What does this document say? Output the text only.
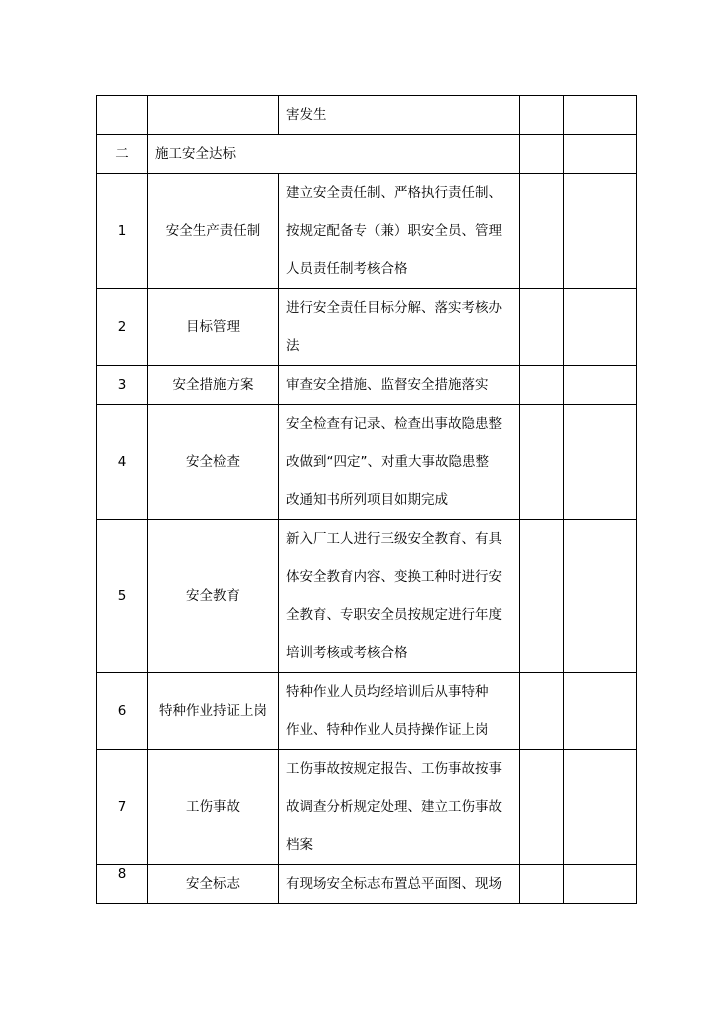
		害发生		

二	施工安全达标			
1	安全生产责任制	建立安全责任制、严格执行责任制、
按规定配备专（兼）职安全员、管理
人员责任制考核合格		

2	目标管理	进行安全责任目标分解、落实考核办
法		

3	安全措施方案	审查安全措施、监督安全措施落实		

4	安全检查	安全检查有记录、检查出事故隐患整
改做到“四定”、对重大事故隐患整
改通知书所列项目如期完成		

5	安全教育	新入厂工人进行三级安全教育、有具
体安全教育内容、变换工种时进行安
全教育、专职安全员按规定进行年度
培训考核或考核合格		

6	特种作业持证上岗	特种作业人员均经培训后从事特种
作业、特种作业人员持操作证上岗		

7	工伤事故	工伤事故按规定报告、工伤事故按事
故调查分析规定处理、建立工伤事故
档案		

8	安全标志	有现场安全标志布置总平面图、现场		
